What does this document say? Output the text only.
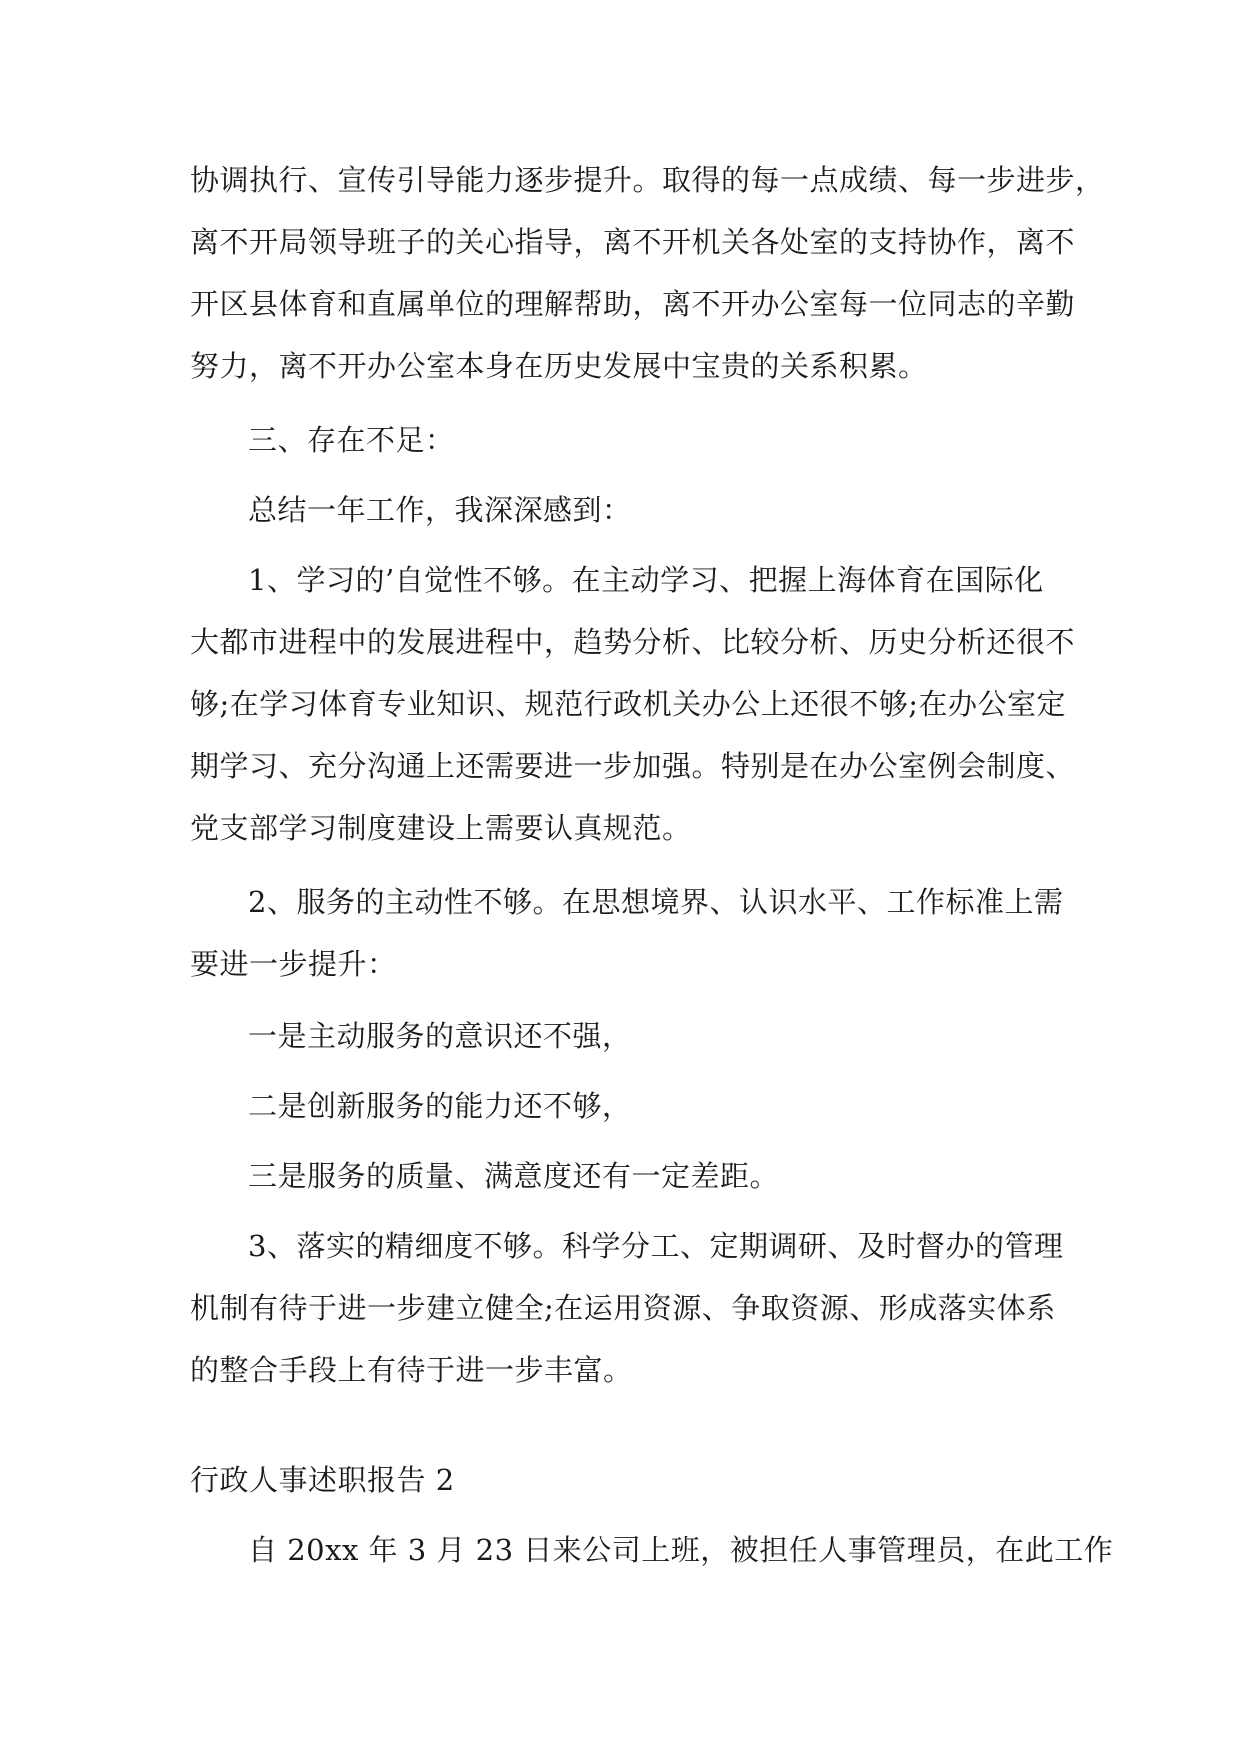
协调执行、宣传引导能力逐步提升。取得的每一点成绩、每一步进步，
离不开局领导班子的关心指导，离不开机关各处室的支持协作，离不
开区县体育和直属单位的理解帮助，离不开办公室每一位同志的辛勤
努力，离不开办公室本身在历史发展中宝贵的关系积累。
三、存在不足：
总结一年工作，我深深感到：
1、学习的’自觉性不够。在主动学习、把握上海体育在国际化
大都市进程中的发展进程中，趋势分析、比较分析、历史分析还很不
够;在学习体育专业知识、规范行政机关办公上还很不够;在办公室定
期学习、充分沟通上还需要进一步加强。特别是在办公室例会制度、
党支部学习制度建设上需要认真规范。
2、服务的主动性不够。在思想境界、认识水平、工作标准上需
要进一步提升：
一是主动服务的意识还不强，
二是创新服务的能力还不够，
三是服务的质量、满意度还有一定差距。
3、落实的精细度不够。科学分工、定期调研、及时督办的管理
机制有待于进一步建立健全;在运用资源、争取资源、形成落实体系
的整合手段上有待于进一步丰富。
行政人事述职报告 2
自 20xx 年 3 月 23 日来公司上班，被担任人事管理员，在此工作
